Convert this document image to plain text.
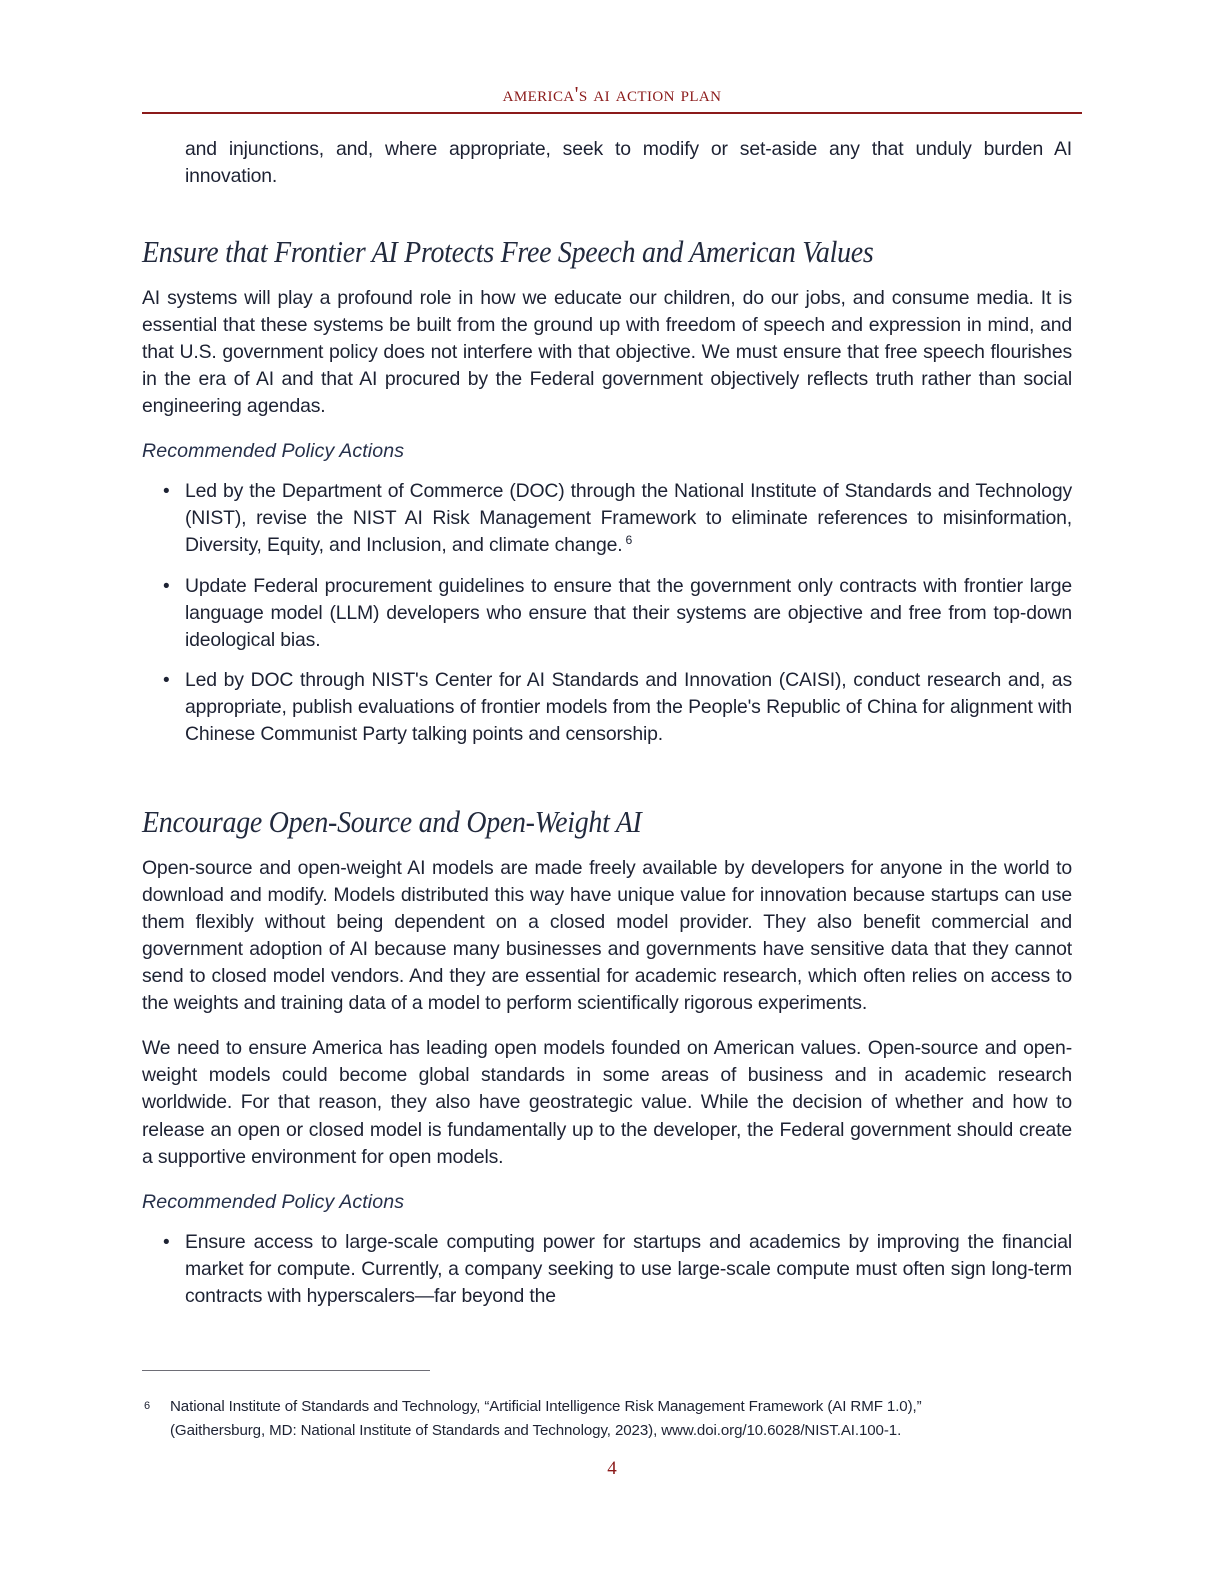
america's ai action plan

and injunctions, and, where appropriate, seek to modify or set-aside any that unduly burden AI innovation.

Ensure that Frontier AI Protects Free Speech and American Values

AI systems will play a profound role in how we educate our children, do our jobs, and consume media. It is essential that these systems be built from the ground up with freedom of speech and expression in mind, and that U.S. government policy does not interfere with that objective. We must ensure that free speech flourishes in the era of AI and that AI procured by the Federal government objectively reflects truth rather than social engineering agendas.

Recommended Policy Actions

• Led by the Department of Commerce (DOC) through the National Institute of Standards and Technology (NIST), revise the NIST AI Risk Management Framework to eliminate references to misinformation, Diversity, Equity, and Inclusion, and climate change. $^6$
• Update Federal procurement guidelines to ensure that the government only contracts with frontier large language model (LLM) developers who ensure that their systems are objective and free from top-down ideological bias.
• Led by DOC through NIST's Center for AI Standards and Innovation (CAISI), conduct research and, as appropriate, publish evaluations of frontier models from the People's Republic of China for alignment with Chinese Communist Party talking points and censorship.
Encourage Open-Source and Open-Weight AI

Open-source and open-weight AI models are made freely available by developers for anyone in the world to download and modify. Models distributed this way have unique value for innovation because startups can use them flexibly without being dependent on a closed model provider. They also benefit commercial and government adoption of AI because many businesses and governments have sensitive data that they cannot send to closed model vendors. And they are essential for academic research, which often relies on access to the weights and training data of a model to perform scientifically rigorous experiments.

We need to ensure America has leading open models founded on American values. Open-source and open-weight models could become global standards in some areas of business and in academic research worldwide. For that reason, they also have geostrategic value. While the decision of whether and how to release an open or closed model is fundamentally up to the developer, the Federal government should create a supportive environment for open models.

Recommended Policy Actions

• Ensure access to large-scale computing power for startups and academics by improving the financial market for compute. Currently, a company seeking to use large-scale compute must often sign long-term contracts with hyperscalers—far beyond the
6 National Institute of Standards and Technology, “Artificial Intelligence Risk Management Framework (AI RMF 1.0),”
(Gaithersburg, MD: National Institute of Standards and Technology, 2023), www.doi.org/10.6028/NIST.AI.100-1.
4
